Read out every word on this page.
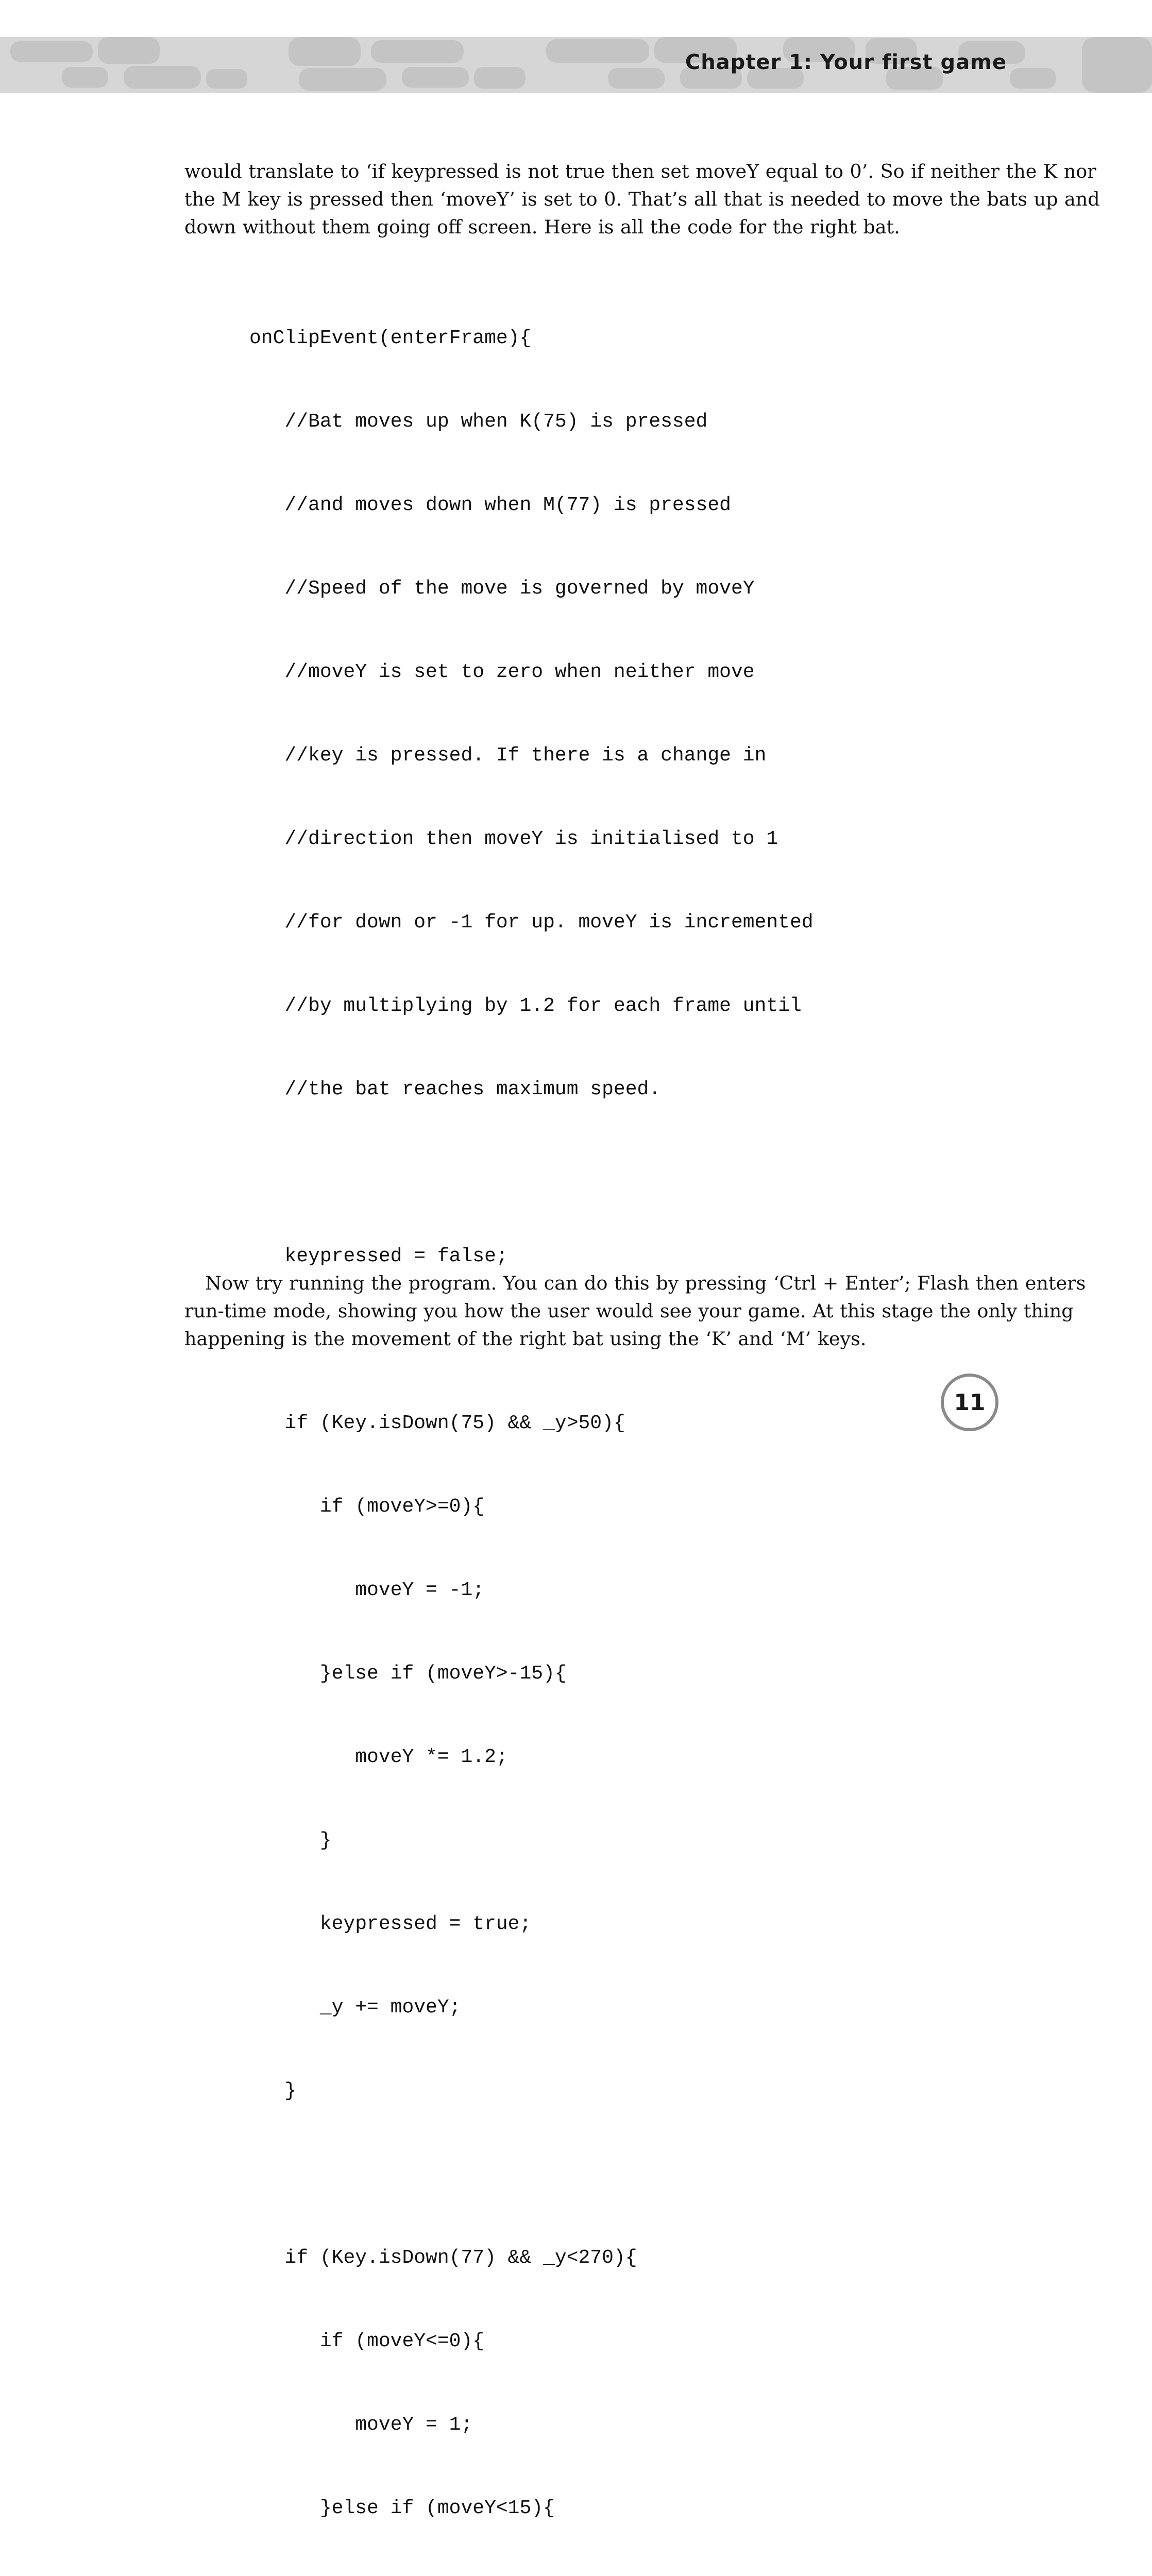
Chapter 1: Your first game
would translate to ‘if keypressed is not true then set moveY equal to 0’. So if neither the K nor
the M key is pressed then ‘moveY’ is set to 0. That’s all that is needed to move the bats up and
down without them going off screen. Here is all the code for the right bat.

onClipEvent(enterFrame){

//Bat moves up when K(75) is pressed

//and moves down when M(77) is pressed

//Speed of the move is governed by moveY

//moveY is set to zero when neither move

//key is pressed. If there is a change in

//direction then moveY is initialised to 1

//for down or -1 for up. moveY is incremented

//by multiplying by 1.2 for each frame until

//the bat reaches maximum speed.

keypressed = false;

if (Key.isDown(75) && _y>50){

if (moveY>=0){

moveY = -1;

}else if (moveY>-15){

moveY *= 1.2;

}

keypressed = true;

_y += moveY;

}

if (Key.isDown(77) && _y<270){

if (moveY<=0){

moveY = 1;

}else if (moveY<15){

Now try running the program. You can do this by pressing ‘Ctrl + Enter’; Flash then enters
run-time mode, showing you how the user would see your game. At this stage the only thing
happening is the movement of the right bat using the ‘K’ and ‘M’ keys.
11
